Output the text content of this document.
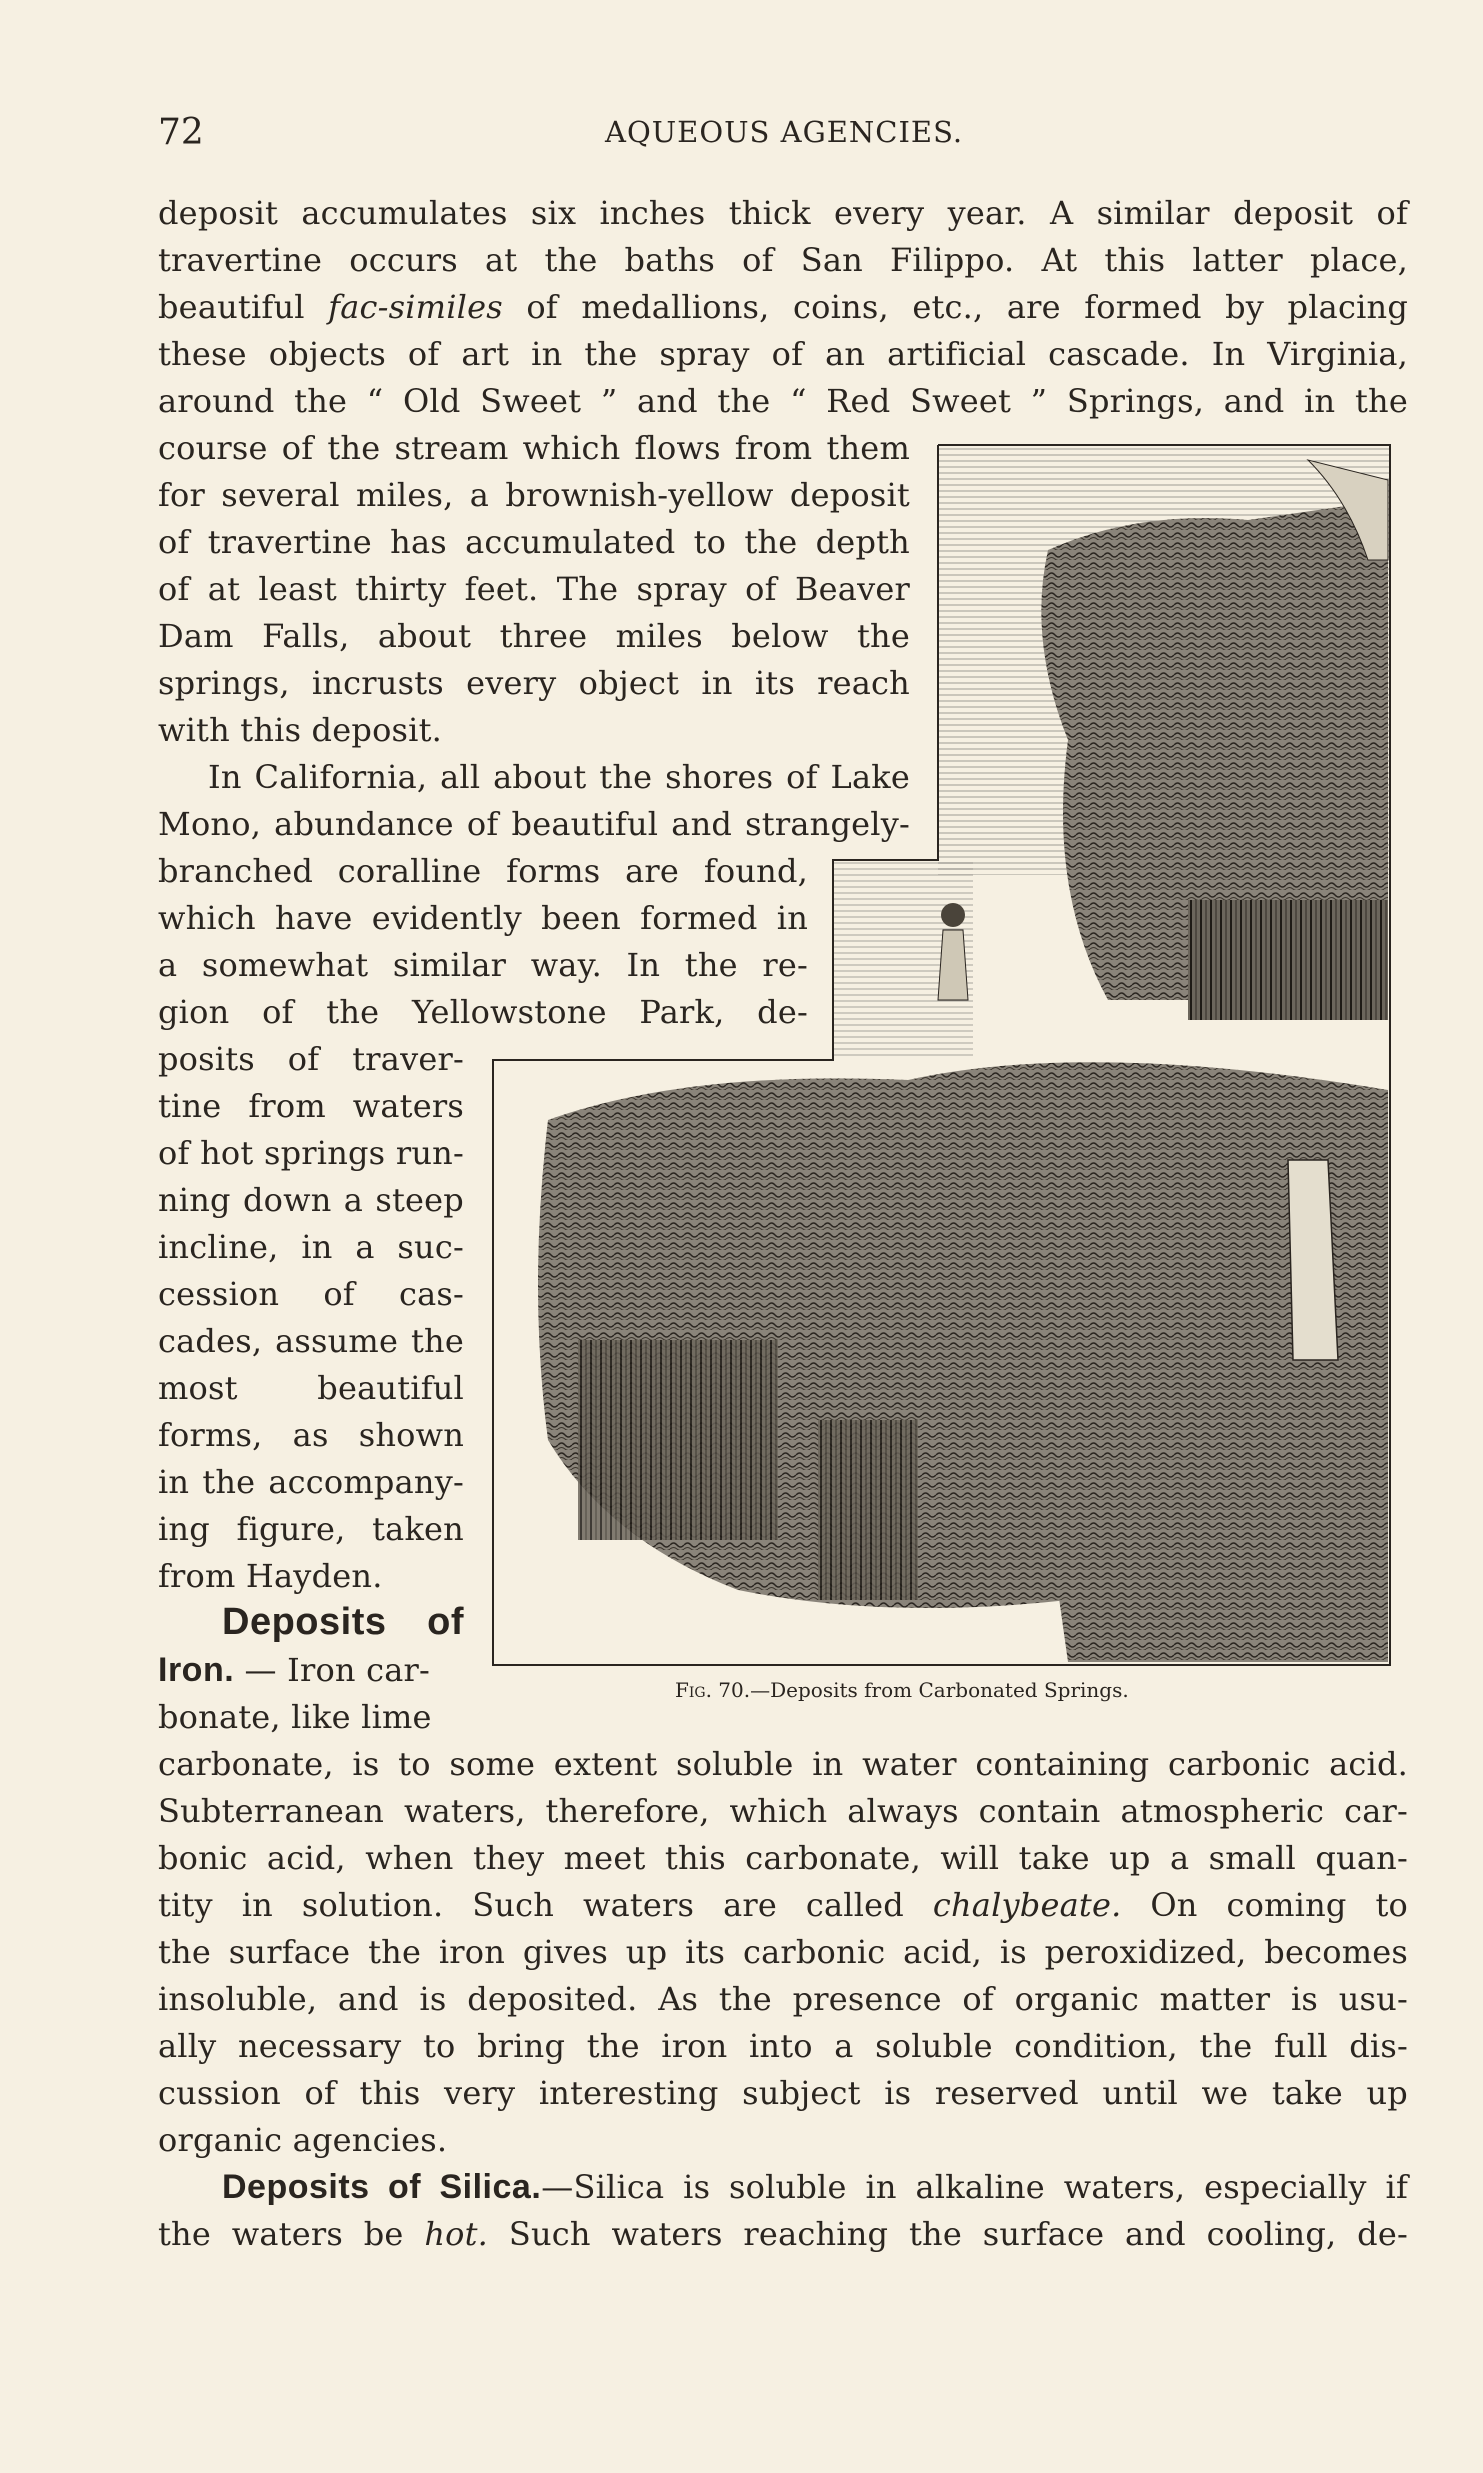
72	AQUEOUS AGENCIES.

deposit accumulates six inches thick every year. A similar deposit of

travertine occurs at the baths of San Filippo. At this latter place,

beautiful fac-similes of medallions, coins, etc., are formed by placing

these objects of art in the spray of an artificial cascade. In Virginia,

around the “ Old Sweet ” and the “ Red Sweet ” Springs, and in the

course of the stream which flows from them

for several miles, a brownish-yellow deposit

of travertine has accumulated to the depth

of at least thirty feet. The spray of Beaver

Dam Falls, about three miles below the

springs, incrusts every object in its reach

with this deposit.

In California, all about the shores of Lake

Mono, abundance of beautiful and strangely-

branched coralline forms are found,

which have evidently been formed in

a somewhat similar way. In the re-

gion of the Yellowstone Park, de-

posits of traver-

tine from waters

of hot springs run-

ning down a steep

incline, in a suc-

cession of cas-

cades, assume the

most beautiful

forms, as shown

in the accompany-

ing figure, taken

from Hayden.

Deposits of

Iron. — Iron car-

bonate, like lime

carbonate, is to some extent soluble in water containing carbonic acid.

Subterranean waters, therefore, which always contain atmospheric car-

bonic acid, when they meet this carbonate, will take up a small quan-

tity in solution. Such waters are called chalybeate. On coming to

the surface the iron gives up its carbonic acid, is peroxidized, becomes

insoluble, and is deposited. As the presence of organic matter is usu-

ally necessary to bring the iron into a soluble condition, the full dis-

cussion of this very interesting subject is reserved until we take up

organic agencies.

Deposits of Silica.—Silica is soluble in alkaline waters, especially if

the waters be hot. Such waters reaching the surface and cooling, de-

Fig. 70.—Deposits from Carbonated Springs.
